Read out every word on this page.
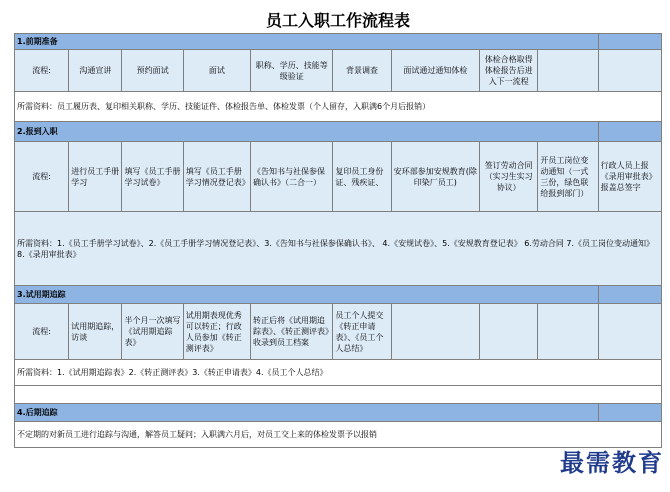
员工入职工作流程表
1.前期准备									
流程:	沟通宣讲	预约面试	面试	职称、学历、技能等级验证	背景调查	面试通过通知体检	体检合格取得体检报告后进入下一流程		
所需资料：员工履历表、复印相关职称、学历、技能证件、体检报告单、体检发票（个人留存，入职满6个月后报销）									
2.报到入职									
流程:	进行员工手册学习	填写《员工手册学习试卷》	填写《员工手册学习情况登记表》	《告知书与社保参保确认书》（二合一）	复印员工身份证、残疾证、	安环部参加安规教育(除印染厂员工)	签订劳动合同（实习生实习协议）	开员工岗位变动通知（一式三份，绿色联给报到部门）	行政人员上报《录用审批表》报盖总签字
所需资料：1.《员工手册学习试卷》、2.《员工手册学习情况登记表》、3.《告知书与社保参保确认书》、 4.《安规试卷》、5.《安规教育登记表》 6.劳动合同 7.《员工岗位变动通知》 8.《录用审批表》									
3.试用期追踪									
流程:	试用期追踪，访谈	半个月一次填写《试用期追踪表》	试用期表现优秀可以转正；行政人员参加《转正测评表》	转正后将《试用期追踪表》、《转正测评表》收录到员工档案	员工个人提交《转正申请表》、《员工个人总结》				
所需资料：1.《试用期追踪表》2.《转正测评表》3.《转正申请表》4.《员工个人总结》									

4.后期追踪									
不定期的对新员工进行追踪与沟通，解答员工疑问；入职满六月后，对员工交上来的体检发票予以报销									
最需教育
